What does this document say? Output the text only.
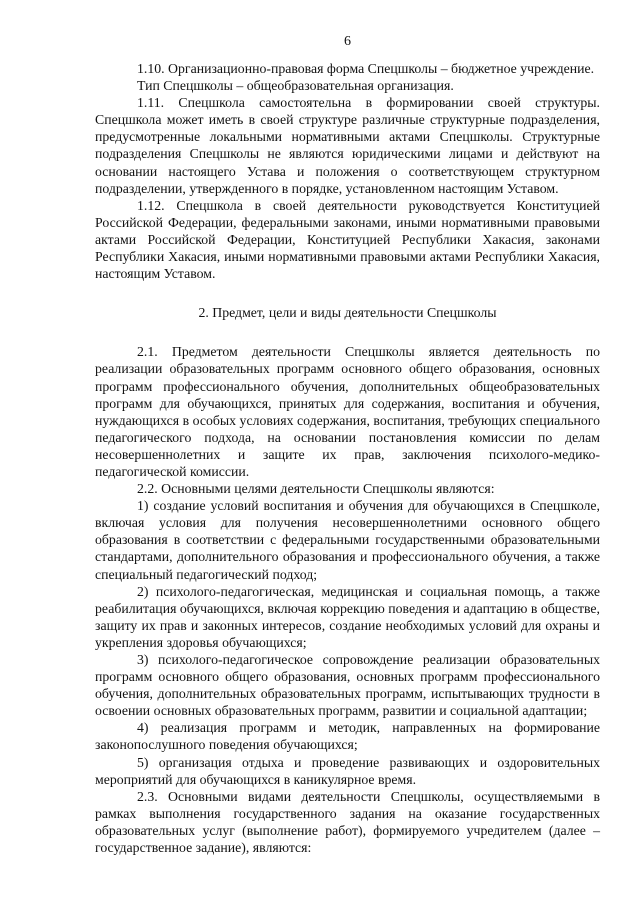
6

1.10. Организационно-правовая форма Спецшколы – бюджетное учреждение.

Тип Спецшколы – общеобразовательная организация.

1.11. Спецшкола самостоятельна в формировании своей структуры. Спецшкола может иметь в своей структуре различные структурные подразделения, предусмотренные локальными нормативными актами Спецшколы. Структурные подразделения Спецшколы не являются юридическими лицами и действуют на основании настоящего Устава и положения о соответствующем структурном подразделении, утвержденного в порядке, установленном настоящим Уставом.

1.12. Спецшкола в своей деятельности руководствуется Конституцией Российской Федерации, федеральными законами, иными нормативными правовыми актами Российской Федерации, Конституцией Республики Хакасия, законами Республики Хакасия, иными нормативными правовыми актами Республики Хакасия, настоящим Уставом.

2. Предмет, цели и виды деятельности Спецшколы

2.1. Предметом деятельности Спецшколы является деятельность по реализации образовательных программ основного общего образования, основных программ профессионального обучения, дополнительных общеобразовательных программ для обучающихся, принятых для содержания, воспитания и обучения, нуждающихся в особых условиях содержания, воспитания, требующих специального педагогического подхода, на основании постановления комиссии по делам несовершеннолетних и защите их прав, заключения психолого-медико-педагогической комиссии.

2.2. Основными целями деятельности Спецшколы являются:

1) создание условий воспитания и обучения для обучающихся в Спецшколе, включая условия для получения несовершеннолетними основного общего образования в соответствии с федеральными государственными образовательными стандартами, дополнительного образования и профессионального обучения, а также специальный педагогический подход;

2) психолого-педагогическая, медицинская и социальная помощь, а также реабилитация обучающихся, включая коррекцию поведения и адаптацию в обществе, защиту их прав и законных интересов, создание необходимых условий для охраны и укрепления здоровья обучающихся;

3) психолого-педагогическое сопровождение реализации образовательных программ основного общего образования, основных программ профессионального обучения, дополнительных образовательных программ, испытывающих трудности в освоении основных образовательных программ, развитии и социальной адаптации;

4) реализация программ и методик, направленных на формирование законопослушного поведения обучающихся;

5) организация отдыха и проведение развивающих и оздоровительных мероприятий для обучающихся в каникулярное время.

2.3. Основными видами деятельности Спецшколы, осуществляемыми в рамках выполнения государственного задания на оказание государственных образовательных услуг (выполнение работ), формируемого учредителем (далее – государственное задание), являются:
